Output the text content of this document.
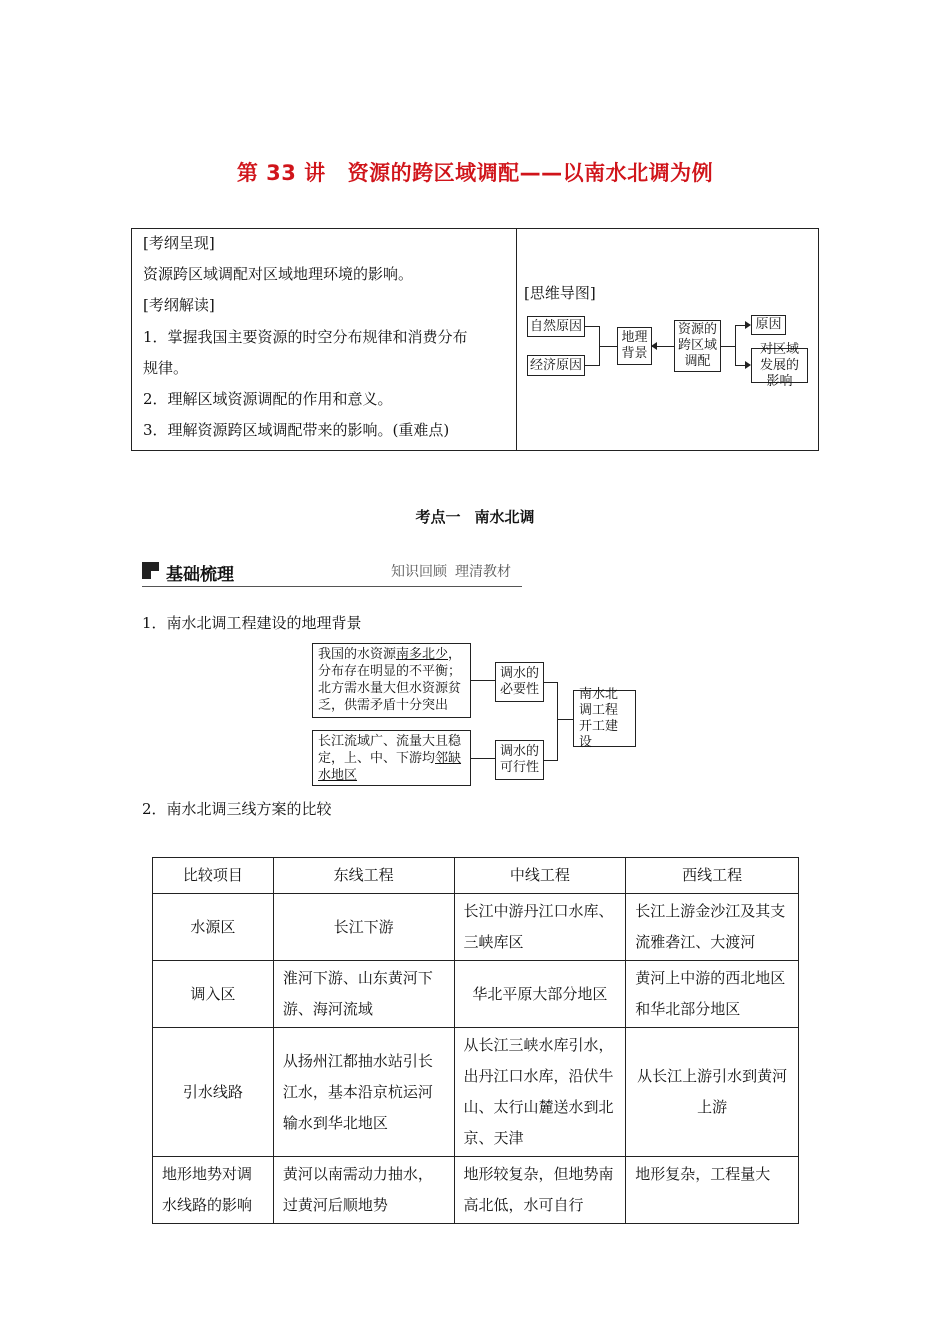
第 33 讲 资源的跨区域调配——以南水北调为例
[考纲呈现]
资源跨区域调配对区域地理环境的影响。
[考纲解读]
1．掌握我国主要资源的时空分布规律和消费分布
规律。
2．理解区域资源调配的作用和意义。
3．理解资源跨区域调配带来的影响。(重难点)
[思维导图]
自然原因
经济原因
地理背景
资源的跨区域调配
原因
对区域发展的影响
考点一 南水北调
基础梳理	知识回顾 理清教材
1．南水北调工程建设的地理背景
我国的水资源南多北少，分布存在明显的不平衡；北方需水量大但水资源贫乏，供需矛盾十分突出
长江流域广、流量大且稳定，上、中、下游均邻缺水地区
调水的必要性
调水的可行性
南水北调工程开工建设
2．南水北调三线方案的比较
比较项目	东线工程	中线工程	西线工程
水源区	长江下游	长江中游丹江口水库、三峡库区	长江上游金沙江及其支流雅砻江、大渡河
调入区	淮河下游、山东黄河下游、海河流域	华北平原大部分地区	黄河上中游的西北地区和华北部分地区
引水线路	从扬州江都抽水站引长江水，基本沿京杭运河输水到华北地区	从长江三峡水库引水，出丹江口水库，沿伏牛山、太行山麓送水到北京、天津	从长江上游引水到黄河上游
地形地势对调水线路的影响	黄河以南需动力抽水，过黄河后顺地势	地形较复杂，但地势南高北低，水可自行	地形复杂，工程量大
